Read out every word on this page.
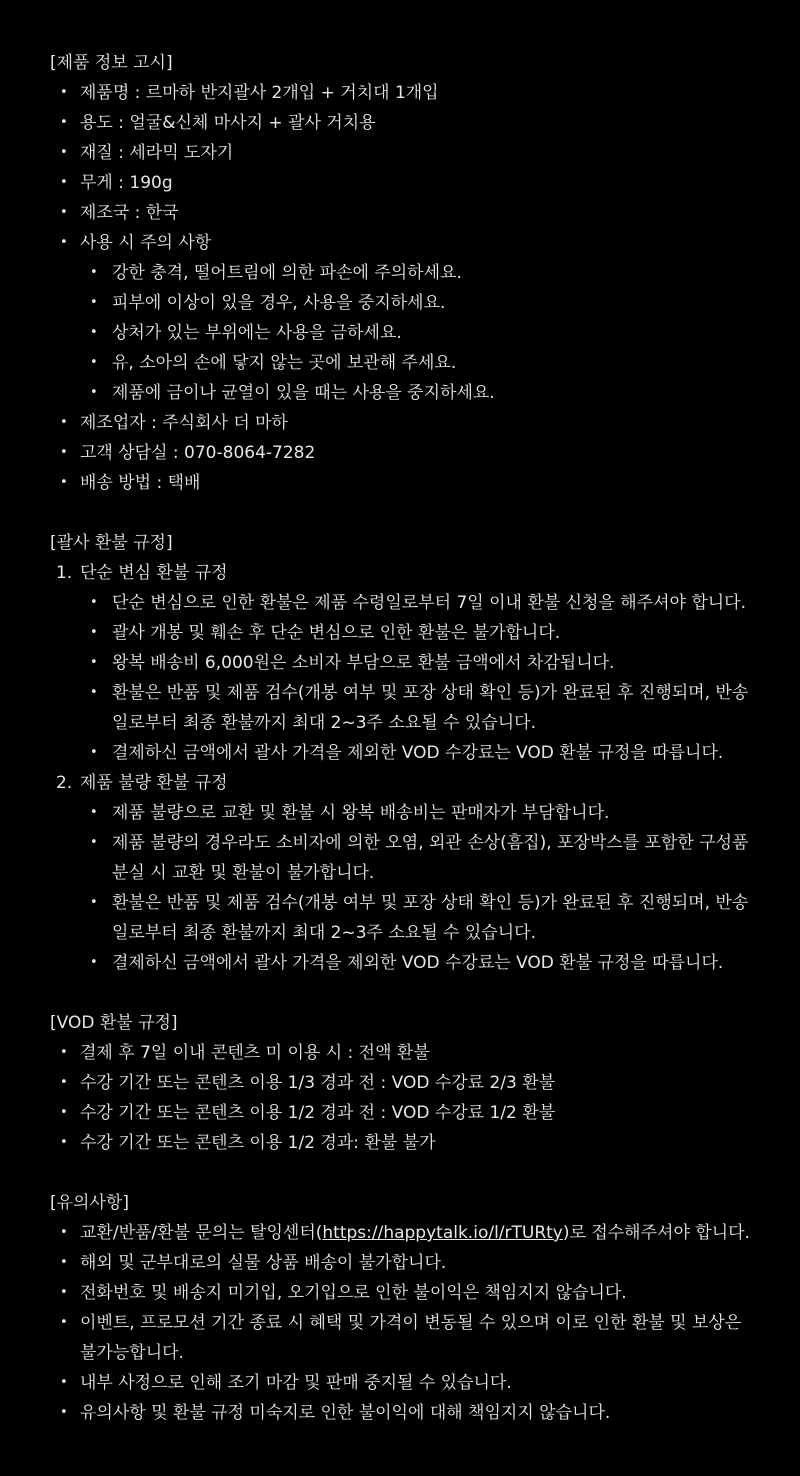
[제품 정보 고시]
• 제품명 : 르마하 반지괄사 2개입 + 거치대 1개입
• 용도 : 얼굴&신체 마사지 + 괄사 거치용
• 재질 : 세라믹 도자기
• 무게 : 190g
• 제조국 : 한국
• 사용 시 주의 사항
• 강한 충격, 떨어트림에 의한 파손에 주의하세요.
• 피부에 이상이 있을 경우, 사용을 중지하세요.
• 상처가 있는 부위에는 사용을 금하세요.
• 유, 소아의 손에 닿지 않는 곳에 보관해 주세요.
• 제품에 금이나 균열이 있을 때는 사용을 중지하세요.
• 제조업자 : 주식회사 더 마하
• 고객 상담실 : 070-8064-7282
• 배송 방법 : 택배
[괄사 환불 규정]
1. 단순 변심 환불 규정
• 단순 변심으로 인한 환불은 제품 수령일로부터 7일 이내 환불 신청을 해주셔야 합니다.
• 괄사 개봉 및 훼손 후 단순 변심으로 인한 환불은 불가합니다.
• 왕복 배송비 6,000원은 소비자 부담으로 환불 금액에서 차감됩니다.
• 환불은 반품 및 제품 검수(개봉 여부 및 포장 상태 확인 등)가 완료된 후 진행되며, 반송일로부터 최종 환불까지 최대 2~3주 소요될 수 있습니다.
• 결제하신 금액에서 괄사 가격을 제외한 VOD 수강료는 VOD 환불 규정을 따릅니다.
2. 제품 불량 환불 규정
• 제품 불량으로 교환 및 환불 시 왕복 배송비는 판매자가 부담합니다.
• 제품 불량의 경우라도 소비자에 의한 오염, 외관 손상(흠집), 포장박스를 포함한 구성품 분실 시 교환 및 환불이 불가합니다.
• 환불은 반품 및 제품 검수(개봉 여부 및 포장 상태 확인 등)가 완료된 후 진행되며, 반송일로부터 최종 환불까지 최대 2~3주 소요될 수 있습니다.
• 결제하신 금액에서 괄사 가격을 제외한 VOD 수강료는 VOD 환불 규정을 따릅니다.
[VOD 환불 규정]
• 결제 후 7일 이내 콘텐츠 미 이용 시 : 전액 환불
• 수강 기간 또는 콘텐츠 이용 1/3 경과 전 : VOD 수강료 2/3 환불
• 수강 기간 또는 콘텐츠 이용 1/2 경과 전 : VOD 수강료 1/2 환불
• 수강 기간 또는 콘텐츠 이용 1/2 경과: 환불 불가
[유의사항]
• 교환/반품/환불 문의는 탈잉센터(https://happytalk.io/l/rTURty)로 접수해주셔야 합니다.
• 해외 및 군부대로의 실물 상품 배송이 불가합니다.
• 전화번호 및 배송지 미기입, 오기입으로 인한 불이익은 책임지지 않습니다.
• 이벤트, 프로모션 기간 종료 시 혜택 및 가격이 변동될 수 있으며 이로 인한 환불 및 보상은 불가능합니다.
• 내부 사정으로 인해 조기 마감 및 판매 중지될 수 있습니다.
• 유의사항 및 환불 규정 미숙지로 인한 불이익에 대해 책임지지 않습니다.
